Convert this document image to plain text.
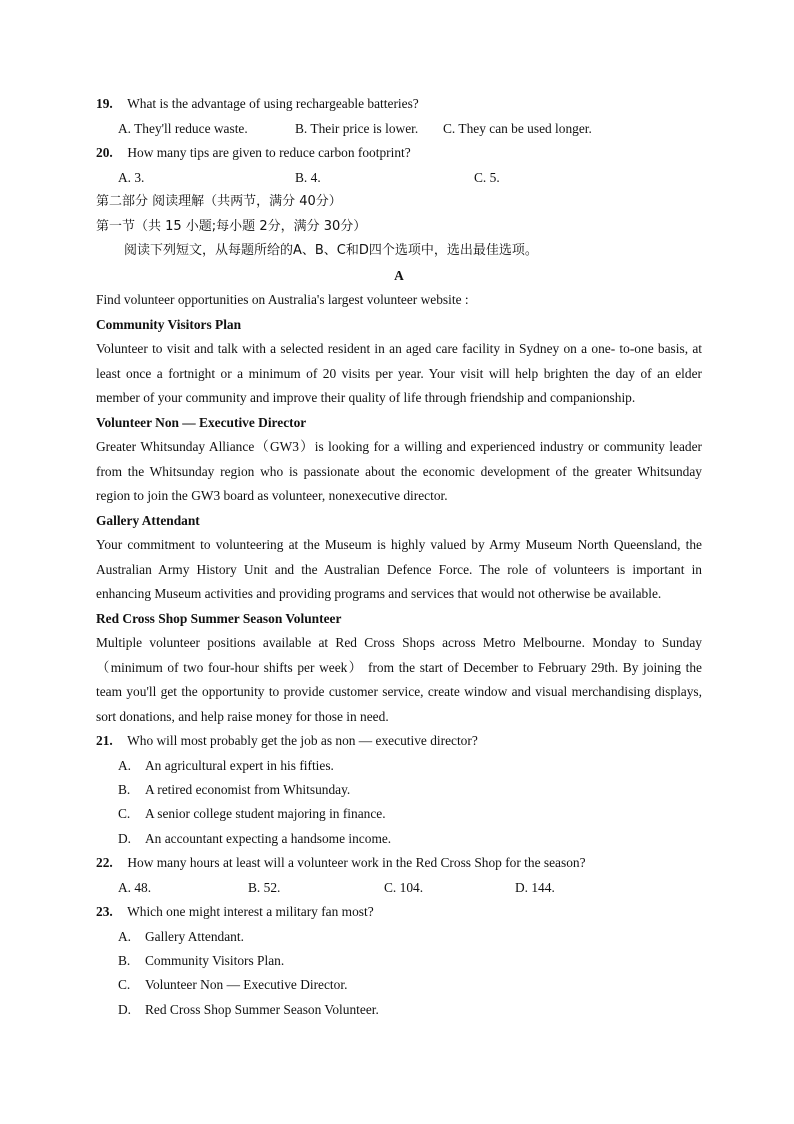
19. What is the advantage of using rechargeable batteries?
A. They'll reduce waste.	B. Their price is lower. C. They can be used longer.
20. How many tips are given to reduce carbon footprint?
A. 3.	B. 4.	C. 5.
第二部分 阅读理解（共两节，满分 40分）
第一节（共 15 小题;每小题 2分，满分 30分）
阅读下列短文，从每题所给的A、B、C和D四个选项中，选出最佳选项。
A
Find volunteer opportunities on Australia's largest volunteer website :
Community Visitors Plan

Volunteer to visit and talk with a selected resident in an aged care facility in Sydney on a one- to-one basis, at least once a fortnight or a minimum of 20 visits per year. Your visit will help brighten the day of an elder member of your community and improve their quality of life through friendship and companionship.

Volunteer Non — Executive Director

Greater Whitsunday Alliance（GW3）is looking for a willing and experienced industry or community leader from the Whitsunday region who is passionate about the economic development of the greater Whitsunday region to join the GW3 board as volunteer, nonexecutive director.

Gallery Attendant

Your commitment to volunteering at the Museum is highly valued by Army Museum North Queensland, the Australian Army History Unit and the Australian Defence Force. The role of volunteers is important in enhancing Museum activities and providing programs and services that would not otherwise be available.

Red Cross Shop Summer Season Volunteer

Multiple volunteer positions available at Red Cross Shops across Metro Melbourne. Monday to Sunday （minimum of two four-hour shifts per week） from the start of December to February 29th. By joining the team you'll get the opportunity to provide customer service, create window and visual merchandising displays, sort donations, and help raise money for those in need.

21. Who will most probably get the job as non — executive director?
A. An agricultural expert in his fifties.
B. A retired economist from Whitsunday.
C. A senior college student majoring in finance.
D. An accountant expecting a handsome income.
22. How many hours at least will a volunteer work in the Red Cross Shop for the season?
A. 48.	B. 52.	C. 104.	D. 144.
23. Which one might interest a military fan most?
A. Gallery Attendant.
B. Community Visitors Plan.
C. Volunteer Non — Executive Director.
D. Red Cross Shop Summer Season Volunteer.
